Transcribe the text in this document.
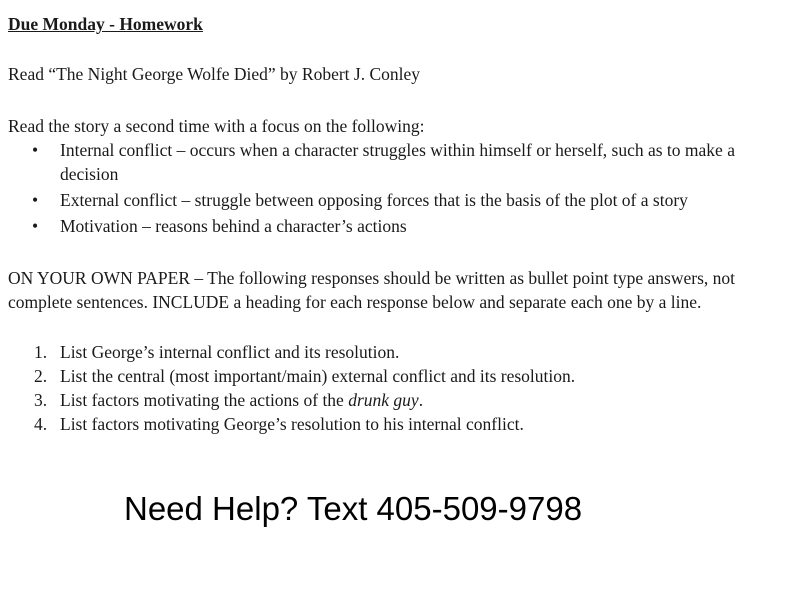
Due Monday - Homework

Read “The Night George Wolfe Died” by Robert J. Conley

Read the story a second time with a focus on the following:

• Internal conflict – occurs when a character struggles within himself or herself, such as to make a decision
• External conflict – struggle between opposing forces that is the basis of the plot of a story
• Motivation – reasons behind a character’s actions

ON YOUR OWN PAPER – The following responses should be written as bullet point type answers, not complete sentences. INCLUDE a heading for each response below and separate each one by a line.

1. List George’s internal conflict and its resolution.
2. List the central (most important/main) external conflict and its resolution.
3. List factors motivating the actions of the drunk guy.
4. List factors motivating George’s resolution to his internal conflict.
Need Help? Text 405-509-9798
